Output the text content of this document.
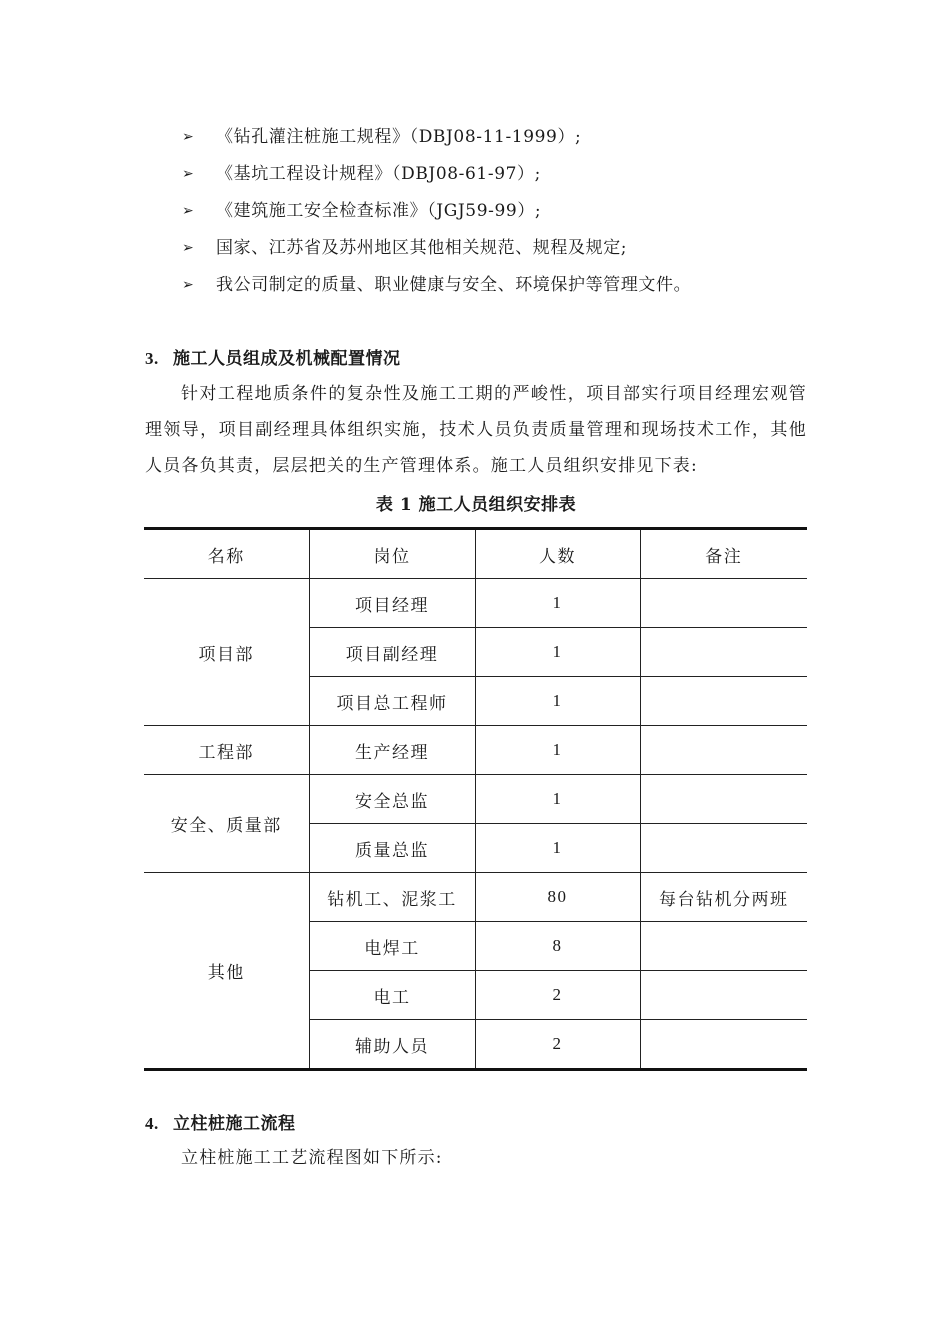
➢	《钻孔灌注桩施工规程》（DBJ08-11-1999）;
➢	《基坑工程设计规程》（DBJ08-61-97）;
➢	《建筑施工安全检查标准》（JGJ59-99）;
➢	国家、江苏省及苏州地区其他相关规范、规程及规定;
➢	我公司制定的质量、职业健康与安全、环境保护等管理文件。
3. 施工人员组成及机械配置情况
针对工程地质条件的复杂性及施工工期的严峻性，项目部实行项目经理宏观管理领导，项目副经理具体组织实施，技术人员负责质量管理和现场技术工作，其他人员各负其责，层层把关的生产管理体系。施工人员组织安排见下表:
表 1 施工人员组织安排表
名称	岗位	人数	备注
项目部	项目经理	1	
	项目副经理	1	
	项目总工程师	1	
工程部	生产经理	1	
安全、质量部	安全总监	1	
	质量总监	1	
其他	钻机工、泥浆工	80	每台钻机分两班
	电焊工	8	
	电工	2	
	辅助人员	2	
4. 立柱桩施工流程
立柱桩施工工艺流程图如下所示:
